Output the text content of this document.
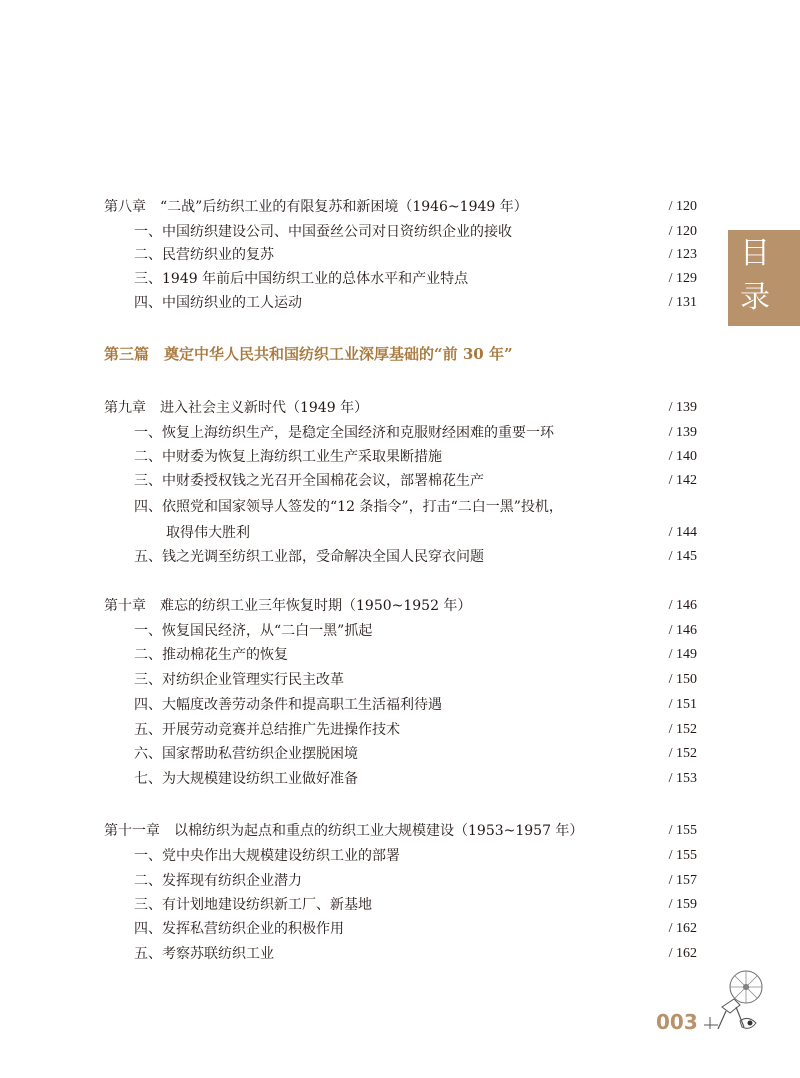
第八章　“二战”后纺织工业的有限复苏和新困境（1946~1949 年）	/ 120
一、中国纺织建设公司、中国蚕丝公司对日资纺织企业的接收	/ 120
二、民营纺织业的复苏	/ 123
三、1949 年前后中国纺织工业的总体水平和产业特点	/ 129
四、中国纺织业的工人运动	/ 131
第三篇　奠定中华人民共和国纺织工业深厚基础的“前 30 年”
第九章　进入社会主义新时代（1949 年）	/ 139
一、恢复上海纺织生产，是稳定全国经济和克服财经困难的重要一环	/ 139
二、中财委为恢复上海纺织工业生产采取果断措施	/ 140
三、中财委授权钱之光召开全国棉花会议，部署棉花生产	/ 142
四、依照党和国家领导人签发的“12 条指令”，打击“二白一黑”投机，
取得伟大胜利	/ 144
五、钱之光调至纺织工业部，受命解决全国人民穿衣问题	/ 145
第十章　难忘的纺织工业三年恢复时期（1950~1952 年）	/ 146
一、恢复国民经济，从“二白一黑”抓起	/ 146
二、推动棉花生产的恢复	/ 149
三、对纺织企业管理实行民主改革	/ 150
四、大幅度改善劳动条件和提高职工生活福利待遇	/ 151
五、开展劳动竞赛并总结推广先进操作技术	/ 152
六、国家帮助私营纺织企业摆脱困境	/ 152
七、为大规模建设纺织工业做好准备	/ 153
第十一章　以棉纺织为起点和重点的纺织工业大规模建设（1953~1957 年）	/ 155
一、党中央作出大规模建设纺织工业的部署	/ 155
二、发挥现有纺织企业潜力	/ 157
三、有计划地建设纺织新工厂、新基地	/ 159
四、发挥私营纺织企业的积极作用	/ 162
五、考察苏联纺织工业	/ 162
目
录
003
